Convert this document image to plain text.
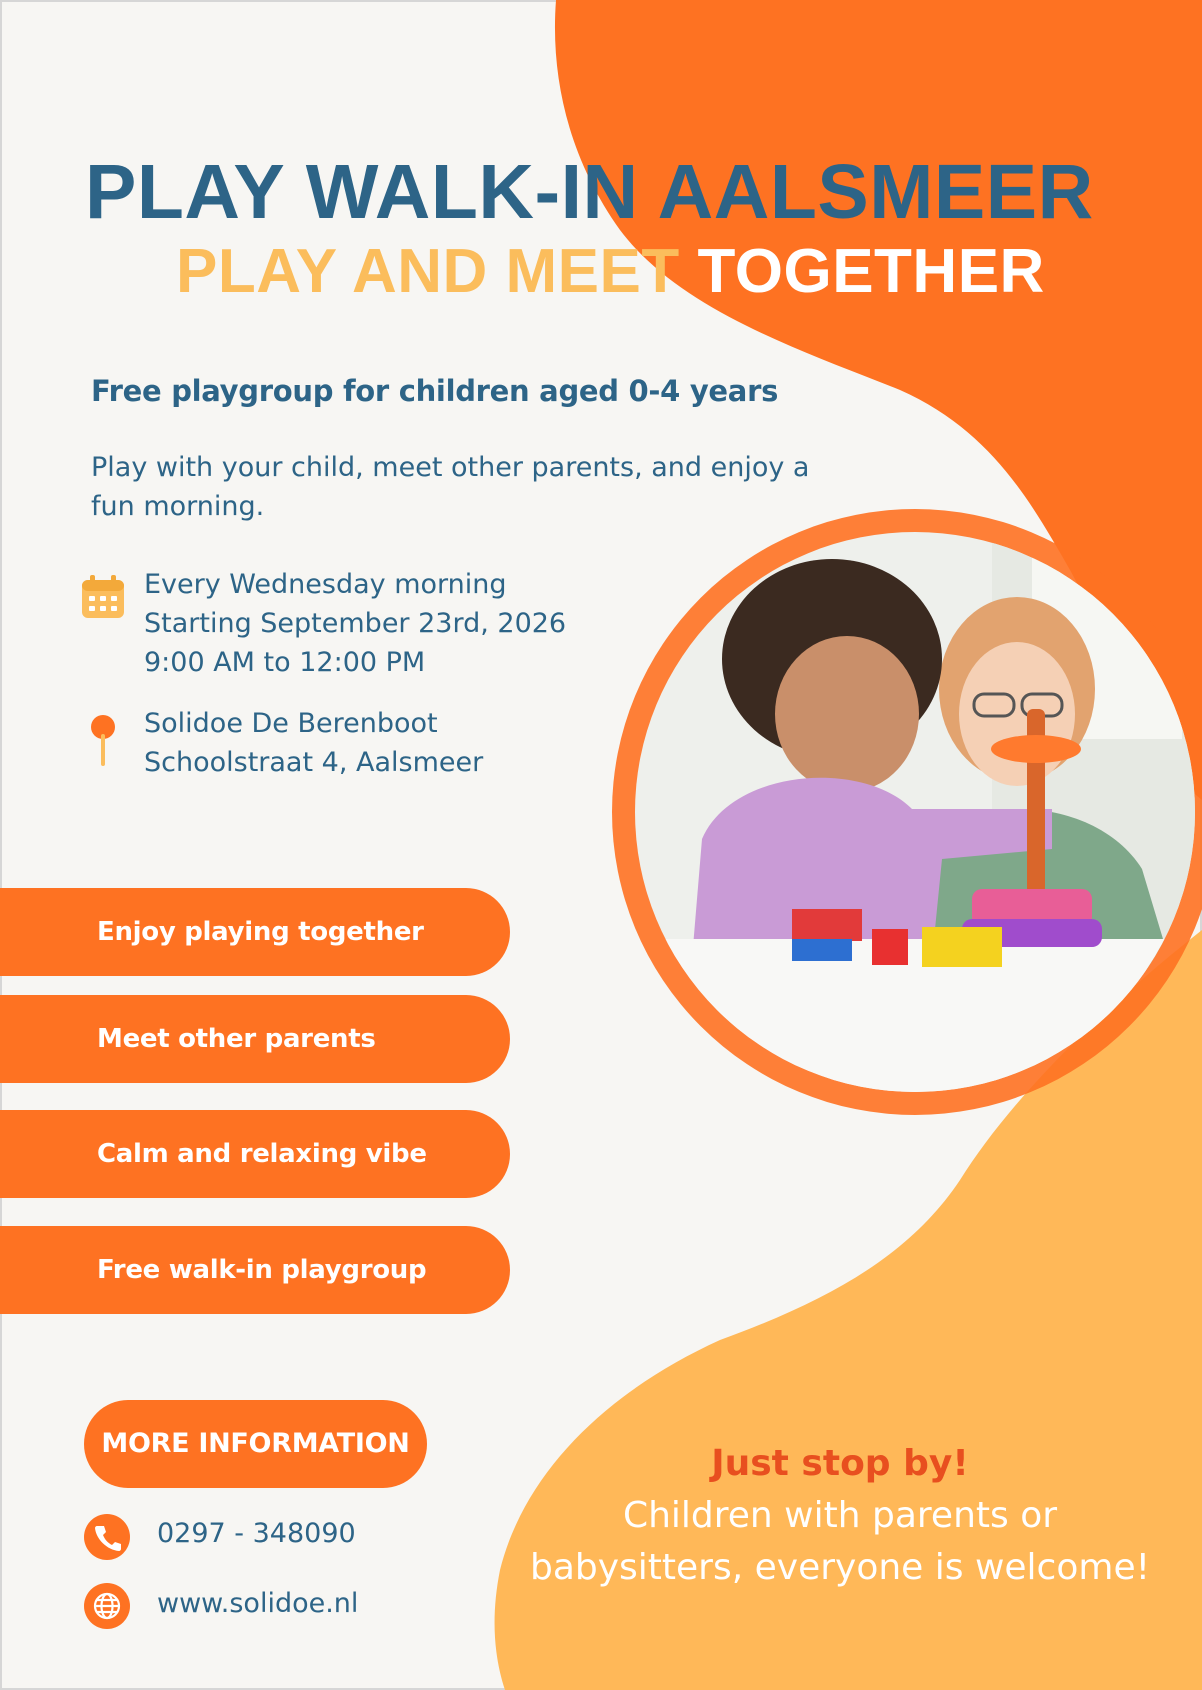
PLAY WALK-IN AALSMEER
PLAY AND MEET TOGETHER
Free playgroup for children aged 0-4 years
Play with your child, meet other parents, and enjoy a fun morning.
Every Wednesday morning
Starting September 23rd, 2026
9:00 AM to 12:00 PM
Solidoe De Berenboot
Schoolstraat 4, Aalsmeer
Enjoy playing together
Meet other parents
Calm and relaxing vibe
Free walk-in playgroup
MORE INFORMATION
0297 - 348090
www.solidoe.nl
Just stop by!
Children with parents or
babysitters, everyone is welcome!
